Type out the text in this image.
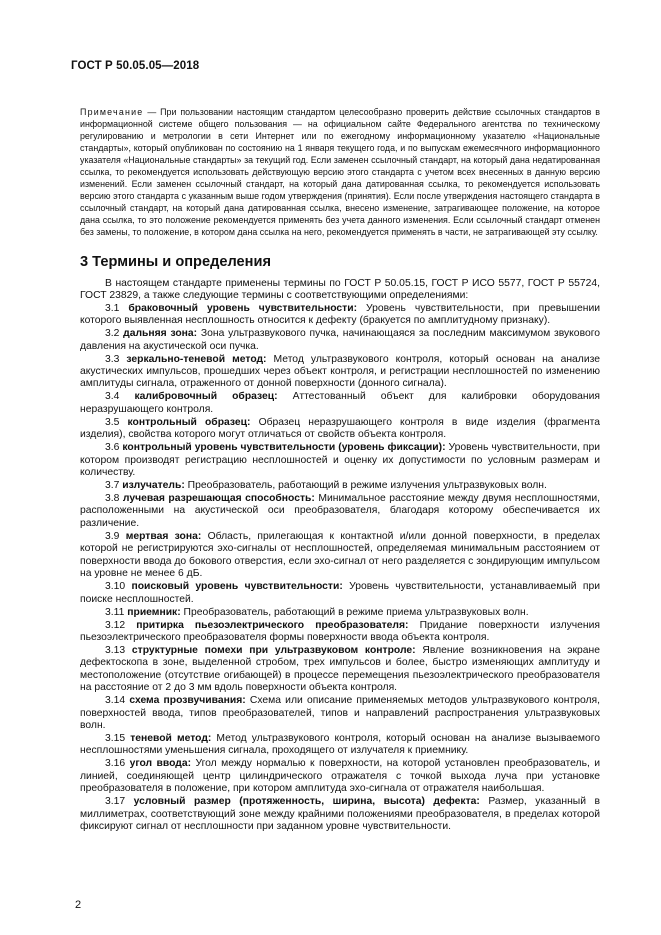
ГОСТ Р 50.05.05—2018
Примечание — При пользовании настоящим стандартом целесообразно проверить действие ссылочных стандартов в информационной системе общего пользования — на официальном сайте Федерального агентства по техническому регулированию и метрологии в сети Интернет или по ежегодному информационному указателю «Национальные стандарты», который опубликован по состоянию на 1 января текущего года, и по выпускам ежемесячного информационного указателя «Национальные стандарты» за текущий год. Если заменен ссылочный стандарт, на который дана недатированная ссылка, то рекомендуется использовать действующую версию этого стандарта с учетом всех внесенных в данную версию изменений. Если заменен ссылочный стандарт, на который дана датированная ссылка, то рекомендуется использовать версию этого стандарта с указанным выше годом утверждения (принятия). Если после утверждения настоящего стандарта в ссылочный стандарт, на который дана датированная ссылка, внесено изменение, затрагивающее положение, на которое дана ссылка, то это положение рекомендуется применять без учета данного изменения. Если ссылочный стандарт отменен без замены, то положение, в котором дана ссылка на него, рекомендуется применять в части, не затрагивающей эту ссылку.
3 Термины и определения

В настоящем стандарте применены термины по ГОСТ Р 50.05.15, ГОСТ Р ИСО 5577, ГОСТ Р 55724, ГОСТ 23829, а также следующие термины с соответствующими определениями:

3.1 браковочный уровень чувствительности: Уровень чувствительности, при превышении которого выявленная несплошность относится к дефекту (бракуется по амплитудному признаку).

3.2 дальняя зона: Зона ультразвукового пучка, начинающаяся за последним максимумом звукового давления на акустической оси пучка.

3.3 зеркально-теневой метод: Метод ультразвукового контроля, который основан на анализе акустических импульсов, прошедших через объект контроля, и регистрации несплошностей по изменению амплитуды сигнала, отраженного от донной поверхности (донного сигнала).

3.4 калибровочный образец: Аттестованный объект для калибровки оборудования неразрушающего контроля.

3.5 контрольный образец: Образец неразрушающего контроля в виде изделия (фрагмента изделия), свойства которого могут отличаться от свойств объекта контроля.

3.6 контрольный уровень чувствительности (уровень фиксации): Уровень чувствительности, при котором производят регистрацию несплошностей и оценку их допустимости по условным размерам и количеству.

3.7 излучатель: Преобразователь, работающий в режиме излучения ультразвуковых волн.

3.8 лучевая разрешающая способность: Минимальное расстояние между двумя несплошностями, расположенными на акустической оси преобразователя, благодаря которому обеспечивается их различение.

3.9 мертвая зона: Область, прилегающая к контактной и/или донной поверхности, в пределах которой не регистрируются эхо-сигналы от несплошностей, определяемая минимальным расстоянием от поверхности ввода до бокового отверстия, если эхо-сигнал от него разделяется с зондирующим импульсом на уровне не менее 6 дБ.

3.10 поисковый уровень чувствительности: Уровень чувствительности, устанавливаемый при поиске несплошностей.

3.11 приемник: Преобразователь, работающий в режиме приема ультразвуковых волн.

3.12 притирка пьезоэлектрического преобразователя: Придание поверхности излучения пьезоэлектрического преобразователя формы поверхности ввода объекта контроля.

3.13 структурные помехи при ультразвуковом контроле: Явление возникновения на экране дефектоскопа в зоне, выделенной стробом, трех импульсов и более, быстро изменяющих амплитуду и местоположение (отсутствие огибающей) в процессе перемещения пьезоэлектрического преобразователя на расстояние от 2 до 3 мм вдоль поверхности объекта контроля.

3.14 схема прозвучивания: Схема или описание применяемых методов ультразвукового контроля, поверхностей ввода, типов преобразователей, типов и направлений распространения ультразвуковых волн.

3.15 теневой метод: Метод ультразвукового контроля, который основан на анализе вызываемого несплошностями уменьшения сигнала, проходящего от излучателя к приемнику.

3.16 угол ввода: Угол между нормалью к поверхности, на которой установлен преобразователь, и линией, соединяющей центр цилиндрического отражателя с точкой выхода луча при установке преобразователя в положение, при котором амплитуда эхо-сигнала от отражателя наибольшая.

3.17 условный размер (протяженность, ширина, высота) дефекта: Размер, указанный в миллиметрах, соответствующий зоне между крайними положениями преобразователя, в пределах которой фиксируют сигнал от несплошности при заданном уровне чувствительности.

2
